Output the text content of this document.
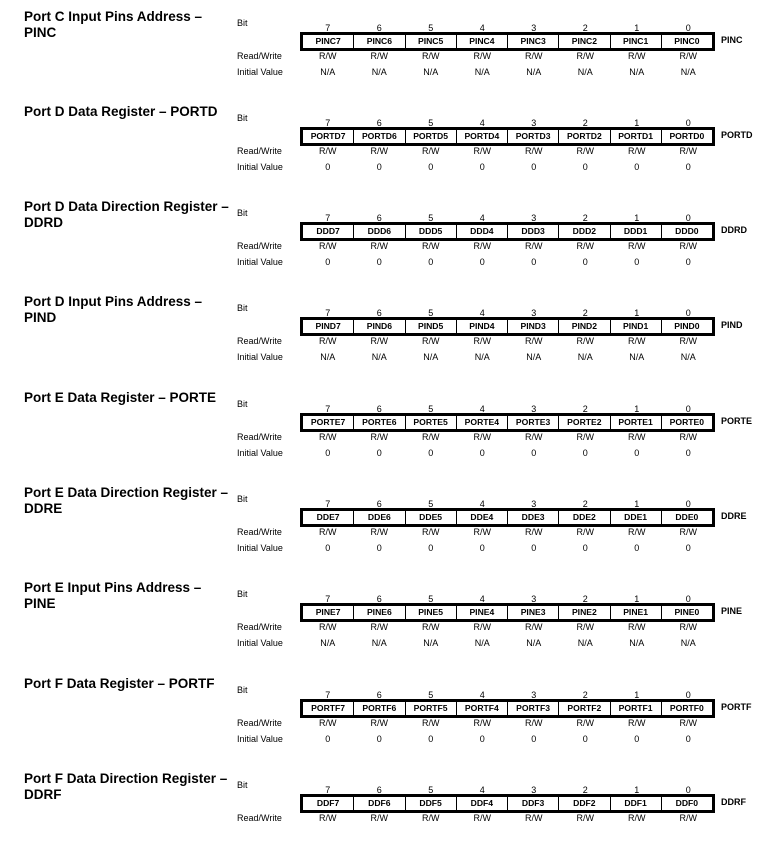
Port C Input Pins Address – PINC
Bit	7	6	5	4	3	2	1	0
PINC7	PINC6	PINC5	PINC4	PINC3	PINC2	PINC1	PINC0	PINC
Read/Write	R/W	R/W	R/W	R/W	R/W	R/W	R/W	R/W
Initial Value	N/A	N/A	N/A	N/A	N/A	N/A	N/A	N/A
Port D Data Register – PORTD	Bit	7	6	5	4	3	2	1	0
PORTD7	PORTD6	PORTD5	PORTD4	PORTD3	PORTD2	PORTD1	PORTD0	PORTD
Read/Write	R/W	R/W	R/W	R/W	R/W	R/W	R/W	R/W
Initial Value	0	0	0	0	0	0	0	0
Port D Data Direction Register – DDRD
Bit	7	6	5	4	3	2	1	0
DDD7	DDD6	DDD5	DDD4	DDD3	DDD2	DDD1	DDD0	DDRD
Read/Write	R/W	R/W	R/W	R/W	R/W	R/W	R/W	R/W
Initial Value	0	0	0	0	0	0	0	0
Port D Input Pins Address – PIND
Bit	7	6	5	4	3	2	1	0
PIND7	PIND6	PIND5	PIND4	PIND3	PIND2	PIND1	PIND0	PIND
Read/Write	R/W	R/W	R/W	R/W	R/W	R/W	R/W	R/W
Initial Value	N/A	N/A	N/A	N/A	N/A	N/A	N/A	N/A
Port E Data Register – PORTE	Bit	7	6	5	4	3	2	1	0
PORTE7	PORTE6	PORTE5	PORTE4	PORTE3	PORTE2	PORTE1	PORTE0	PORTE
Read/Write	R/W	R/W	R/W	R/W	R/W	R/W	R/W	R/W
Initial Value	0	0	0	0	0	0	0	0
Port E Data Direction Register – DDRE
Bit	7	6	5	4	3	2	1	0
DDE7	DDE6	DDE5	DDE4	DDE3	DDE2	DDE1	DDE0	DDRE
Read/Write	R/W	R/W	R/W	R/W	R/W	R/W	R/W	R/W
Initial Value	0	0	0	0	0	0	0	0
Port E Input Pins Address – PINE
Bit	7	6	5	4	3	2	1	0
PINE7	PINE6	PINE5	PINE4	PINE3	PINE2	PINE1	PINE0	PINE
Read/Write	R/W	R/W	R/W	R/W	R/W	R/W	R/W	R/W
Initial Value	N/A	N/A	N/A	N/A	N/A	N/A	N/A	N/A
Port F Data Register – PORTF	Bit	7	6	5	4	3	2	1	0
PORTF7	PORTF6	PORTF5	PORTF4	PORTF3	PORTF2	PORTF1	PORTF0	PORTF
Read/Write	R/W	R/W	R/W	R/W	R/W	R/W	R/W	R/W
Initial Value	0	0	0	0	0	0	0	0
Port F Data Direction Register – DDRF
Bit	7	6	5	4	3	2	1	0
DDF7	DDF6	DDF5	DDF4	DDF3	DDF2	DDF1	DDF0	DDRF
Read/Write	R/W	R/W	R/W	R/W	R/W	R/W	R/W	R/W
